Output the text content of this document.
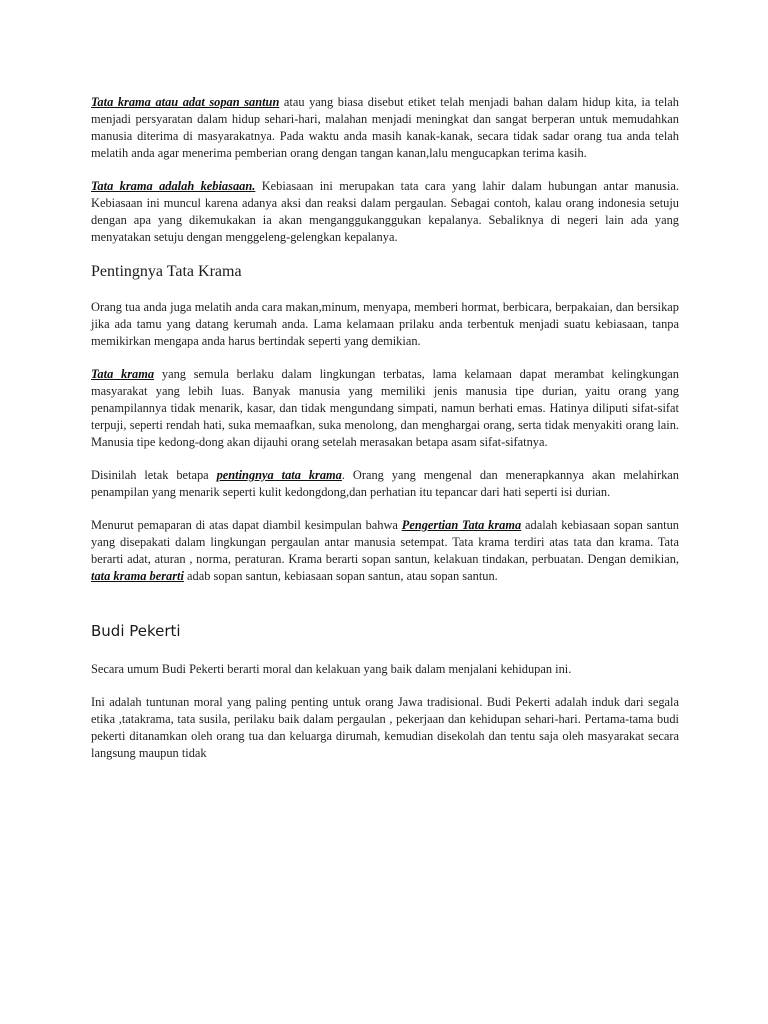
Tata krama atau adat sopan santun atau yang biasa disebut etiket telah menjadi bahan dalam hidup kita, ia telah menjadi persyaratan dalam hidup sehari-hari, malahan menjadi meningkat dan sangat berperan untuk memudahkan manusia diterima di masyarakatnya. Pada waktu anda masih kanak-kanak, secara tidak sadar orang tua anda telah melatih anda agar menerima pemberian orang dengan tangan kanan,lalu mengucapkan terima kasih.

Tata krama adalah kebiasaan. Kebiasaan ini merupakan tata cara yang lahir dalam hubungan antar manusia. Kebiasaan ini muncul karena adanya aksi dan reaksi dalam pergaulan. Sebagai contoh, kalau orang indonesia setuju dengan apa yang dikemukakan ia akan menganggukanggukan kepalanya. Sebaliknya di negeri lain ada yang menyatakan setuju dengan menggeleng-gelengkan kepalanya.

Pentingnya Tata Krama

Orang tua anda juga melatih anda cara makan,minum, menyapa, memberi hormat, berbicara, berpakaian, dan bersikap jika ada tamu yang datang kerumah anda. Lama kelamaan prilaku anda terbentuk menjadi suatu kebiasaan, tanpa memikirkan mengapa anda harus bertindak seperti yang demikian.

Tata krama yang semula berlaku dalam lingkungan terbatas, lama kelamaan dapat merambat kelingkungan masyarakat yang lebih luas. Banyak manusia yang memiliki jenis manusia tipe durian, yaitu orang yang penampilannya tidak menarik, kasar, dan tidak mengundang simpati, namun berhati emas. Hatinya diliputi sifat-sifat terpuji, seperti rendah hati, suka memaafkan, suka menolong, dan menghargai orang, serta tidak menyakiti orang lain. Manusia tipe kedong-dong akan dijauhi orang setelah merasakan betapa asam sifat-sifatnya.

Disinilah letak betapa pentingnya tata krama. Orang yang mengenal dan menerapkannya akan melahirkan penampilan yang menarik seperti kulit kedongdong,dan perhatian itu tepancar dari hati seperti isi durian.

Menurut pemaparan di atas dapat diambil kesimpulan bahwa Pengertian Tata krama adalah kebiasaan sopan santun yang disepakati dalam lingkungan pergaulan antar manusia setempat. Tata krama terdiri atas tata dan krama. Tata berarti adat, aturan , norma, peraturan. Krama berarti sopan santun, kelakuan tindakan, perbuatan. Dengan demikian, tata krama berarti adab sopan santun, kebiasaan sopan santun, atau sopan santun.

Budi Pekerti

Secara umum Budi Pekerti berarti moral dan kelakuan yang baik dalam menjalani kehidupan ini.

Ini adalah tuntunan moral yang paling penting untuk orang Jawa tradisional. Budi Pekerti adalah induk dari segala etika ,tatakrama, tata susila, perilaku baik dalam pergaulan , pekerjaan dan kehidupan sehari-hari. Pertama-tama budi pekerti ditanamkan oleh orang tua dan keluarga dirumah, kemudian disekolah dan tentu saja oleh masyarakat secara langsung maupun tidak
